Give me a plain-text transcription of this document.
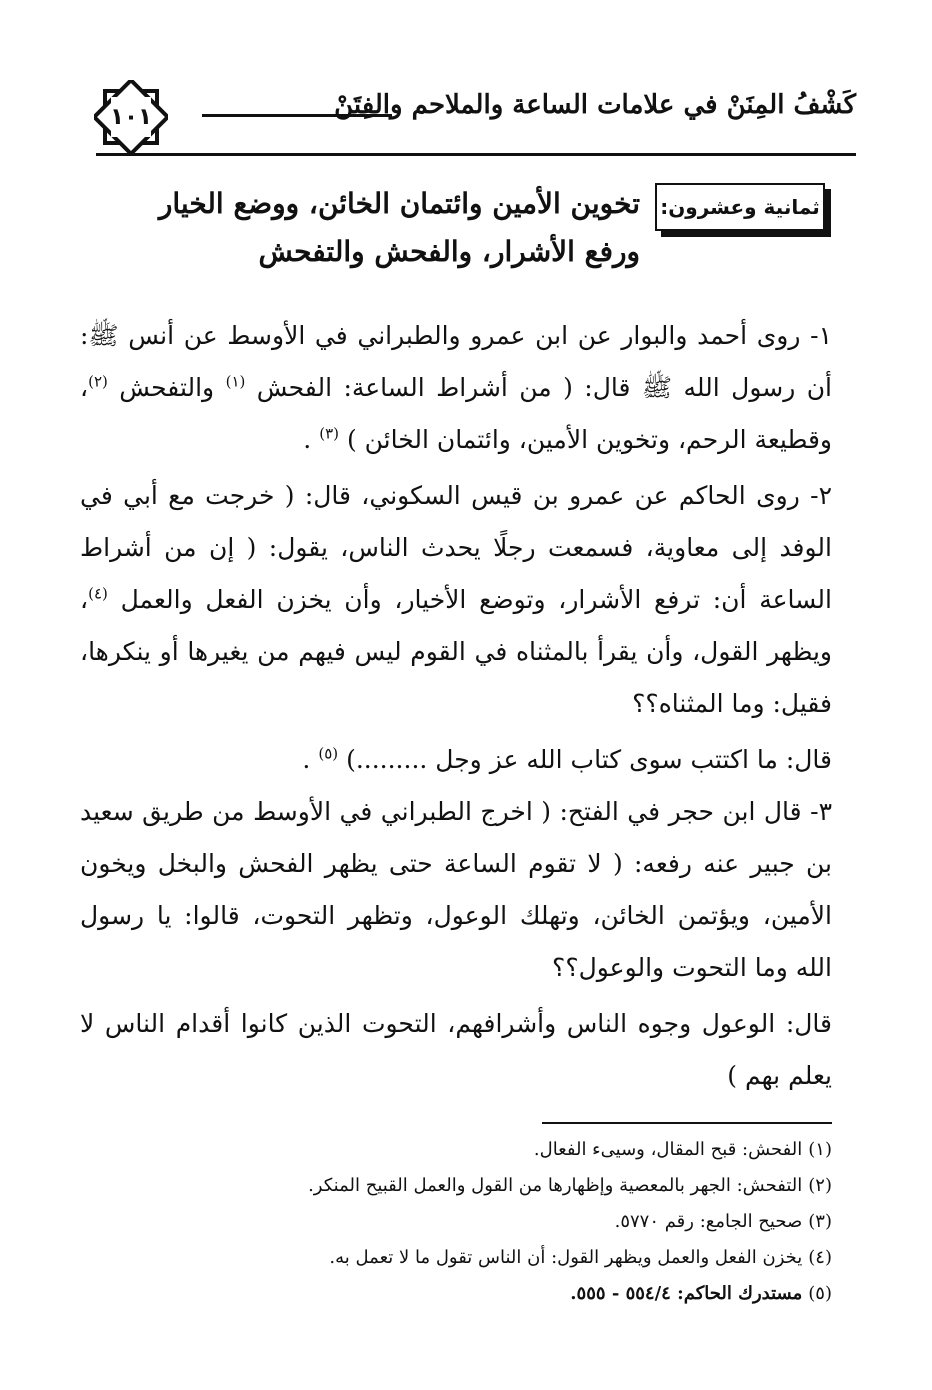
١٠١	كَشْفُ المِنَنْ في علامات الساعة والملاحم والفِتَنْ
ثمانية وعشرون:
تخوين الأمين وائتمان الخائن، ووضع الخيار ورفع الأشرار، والفحش والتفحش

١- روى أحمد والبوار عن ابن عمرو والطبراني في الأوسط عن أنس ﷺ: أن رسول الله ﷺ قال: ( من أشراط الساعة: الفحش $^{(١)}$ والتفحش $^{(٢)}$، وقطيعة الرحم، وتخوين الأمين، وائتمان الخائن ) $^{(٣)}$ .

٢- روى الحاكم عن عمرو بن قيس السكوني، قال: ( خرجت مع أبي في الوفد إلى معاوية، فسمعت رجلًا يحدث الناس، يقول: ( إن من أشراط الساعة أن: ترفع الأشرار، وتوضع الأخيار، وأن يخزن الفعل والعمل $^{(٤)}$، ويظهر القول، وأن يقرأ بالمثناه في القوم ليس فيهم من يغيرها أو ينكرها، فقيل: وما المثناه؟؟

قال: ما اكتتب سوى كتاب الله عز وجل .........) $^{(٥)}$ .

٣- قال ابن حجر في الفتح: ( اخرج الطبراني في الأوسط من طريق سعيد بن جبير عنه رفعه: ( لا تقوم الساعة حتى يظهر الفحش والبخل ويخون الأمين، ويؤتمن الخائن، وتهلك الوعول، وتظهر التحوت، قالوا: يا رسول الله وما التحوت والوعول؟؟

قال: الوعول وجوه الناس وأشرافهم، التحوت الذين كانوا أقدام الناس لا يعلم بهم )

(١)الفحش: قبح المقال، وسيىء الفعال.

(٢)التفحش: الجهر بالمعصية وإظهارها من القول والعمل القبيح المنكر.

(٣)صحيح الجامع: رقم ٥٧٧٠.

(٤)يخزن الفعل والعمل ويظهر القول: أن الناس تقول ما لا تعمل به.

(٥)مستدرك الحاكم: ٥٥٤/٤ - ٥٥٥.
